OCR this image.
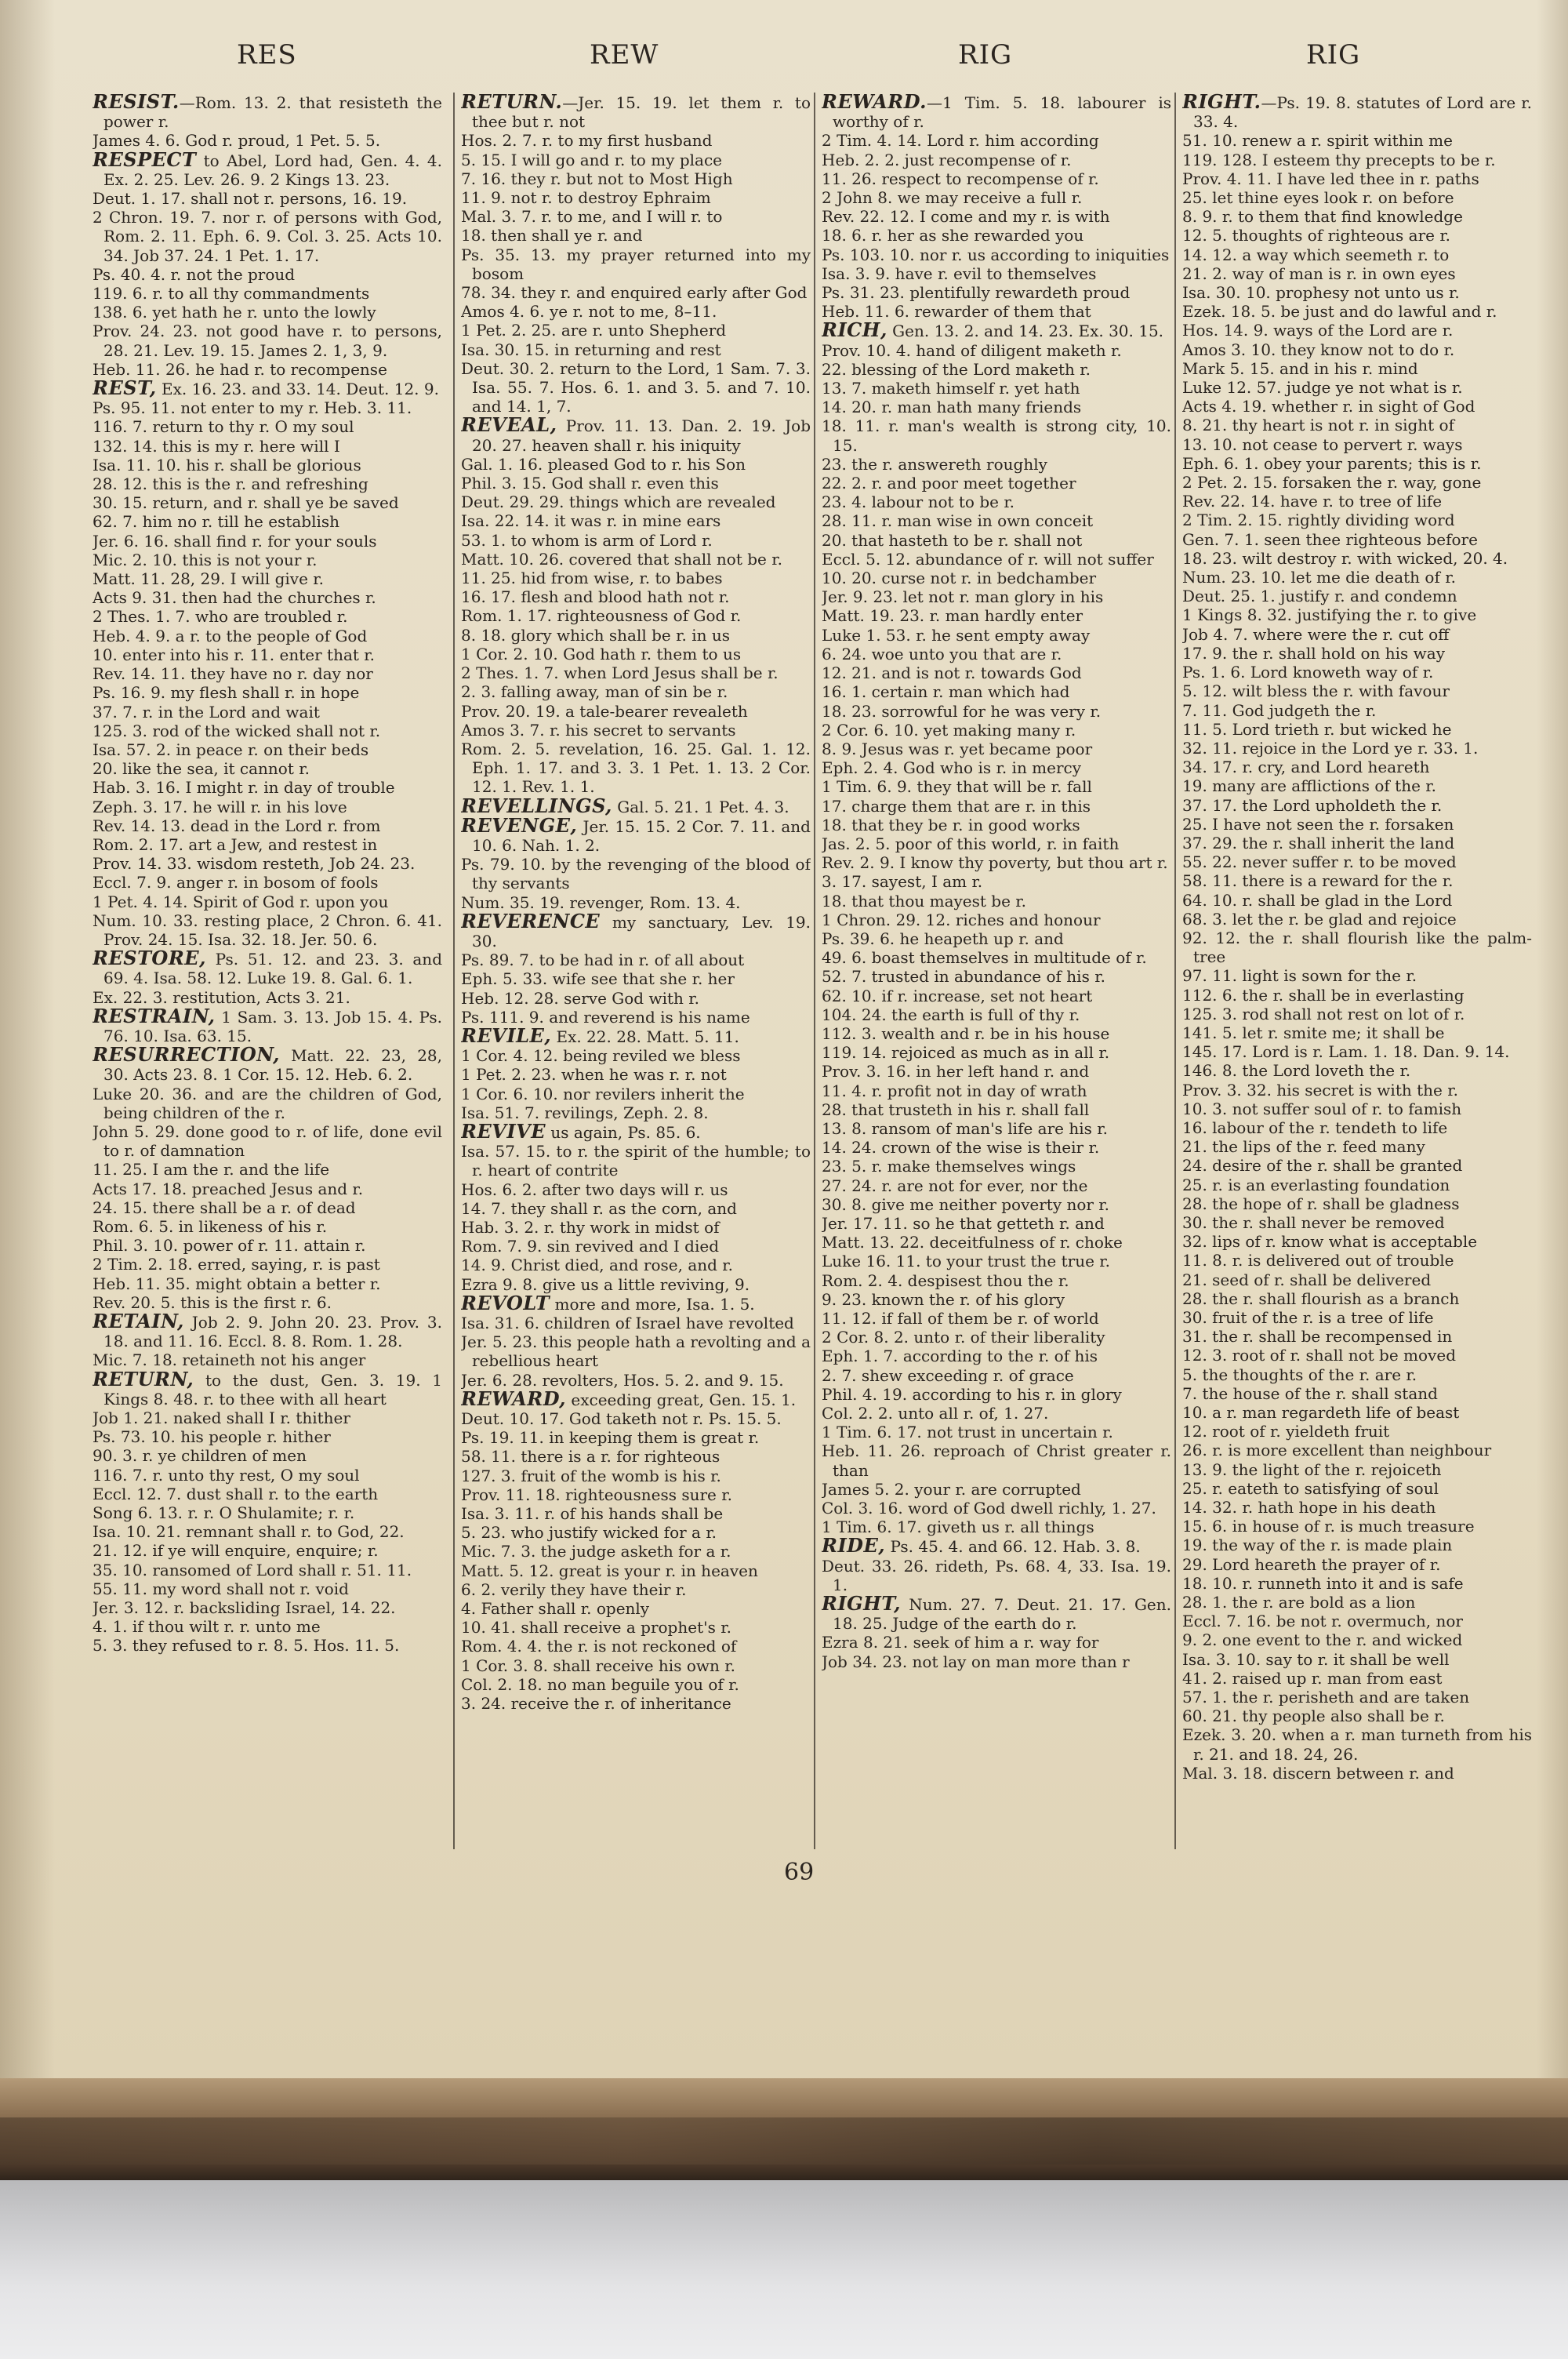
RES	REW	RIG	RIG

RESIST.—Rom. 13. 2. that resisteth the power r.

James 4. 6. God r. proud, 1 Pet. 5. 5.

RESPECT to Abel, Lord had, Gen. 4. 4. Ex. 2. 25. Lev. 26. 9. 2 Kings 13. 23.

Deut. 1. 17. shall not r. persons, 16. 19.

2 Chron. 19. 7. nor r. of persons with God, Rom. 2. 11. Eph. 6. 9. Col. 3. 25. Acts 10. 34. Job 37. 24. 1 Pet. 1. 17.

Ps. 40. 4. r. not the proud

119. 6. r. to all thy commandments

138. 6. yet hath he r. unto the lowly

Prov. 24. 23. not good have r. to persons, 28. 21. Lev. 19. 15. James 2. 1, 3, 9.

Heb. 11. 26. he had r. to recompense

REST, Ex. 16. 23. and 33. 14. Deut. 12. 9.

Ps. 95. 11. not enter to my r. Heb. 3. 11.

116. 7. return to thy r. O my soul

132. 14. this is my r. here will I

Isa. 11. 10. his r. shall be glorious

28. 12. this is the r. and refreshing

30. 15. return, and r. shall ye be saved

62. 7. him no r. till he establish

Jer. 6. 16. shall find r. for your souls

Mic. 2. 10. this is not your r.

Matt. 11. 28, 29. I will give r.

Acts 9. 31. then had the churches r.

2 Thes. 1. 7. who are troubled r.

Heb. 4. 9. a r. to the people of God

10. enter into his r. 11. enter that r.

Rev. 14. 11. they have no r. day nor

Ps. 16. 9. my flesh shall r. in hope

37. 7. r. in the Lord and wait

125. 3. rod of the wicked shall not r.

Isa. 57. 2. in peace r. on their beds

20. like the sea, it cannot r.

Hab. 3. 16. I might r. in day of trouble

Zeph. 3. 17. he will r. in his love

Rev. 14. 13. dead in the Lord r. from

Rom. 2. 17. art a Jew, and restest in

Prov. 14. 33. wisdom resteth, Job 24. 23.

Eccl. 7. 9. anger r. in bosom of fools

1 Pet. 4. 14. Spirit of God r. upon you

Num. 10. 33. resting place, 2 Chron. 6. 41. Prov. 24. 15. Isa. 32. 18. Jer. 50. 6.

RESTORE, Ps. 51. 12. and 23. 3. and 69. 4. Isa. 58. 12. Luke 19. 8. Gal. 6. 1.

Ex. 22. 3. restitution, Acts 3. 21.

RESTRAIN, 1 Sam. 3. 13. Job 15. 4. Ps. 76. 10. Isa. 63. 15.

RESURRECTION, Matt. 22. 23, 28, 30. Acts 23. 8. 1 Cor. 15. 12. Heb. 6. 2.

Luke 20. 36. and are the children of God, being children of the r.

John 5. 29. done good to r. of life, done evil to r. of damnation

11. 25. I am the r. and the life

Acts 17. 18. preached Jesus and r.

24. 15. there shall be a r. of dead

Rom. 6. 5. in likeness of his r.

Phil. 3. 10. power of r. 11. attain r.

2 Tim. 2. 18. erred, saying, r. is past

Heb. 11. 35. might obtain a better r.

Rev. 20. 5. this is the first r. 6.

RETAIN, Job 2. 9. John 20. 23. Prov. 3. 18. and 11. 16. Eccl. 8. 8. Rom. 1. 28.

Mic. 7. 18. retaineth not his anger

RETURN, to the dust, Gen. 3. 19. 1 Kings 8. 48. r. to thee with all heart

Job 1. 21. naked shall I r. thither

Ps. 73. 10. his people r. hither

90. 3. r. ye children of men

116. 7. r. unto thy rest, O my soul

Eccl. 12. 7. dust shall r. to the earth

Song 6. 13. r. r. O Shulamite; r. r.

Isa. 10. 21. remnant shall r. to God, 22.

21. 12. if ye will enquire, enquire; r.

35. 10. ransomed of Lord shall r. 51. 11.

55. 11. my word shall not r. void

Jer. 3. 12. r. backsliding Israel, 14. 22.

4. 1. if thou wilt r. r. unto me

5. 3. they refused to r. 8. 5. Hos. 11. 5.

RETURN.—Jer. 15. 19. let them r. to thee but r. not

Hos. 2. 7. r. to my first husband

5. 15. I will go and r. to my place

7. 16. they r. but not to Most High

11. 9. not r. to destroy Ephraim

Mal. 3. 7. r. to me, and I will r. to

18. then shall ye r. and

Ps. 35. 13. my prayer returned into my bosom

78. 34. they r. and enquired early after God

Amos 4. 6. ye r. not to me, 8–11.

1 Pet. 2. 25. are r. unto Shepherd

Isa. 30. 15. in returning and rest

Deut. 30. 2. return to the Lord, 1 Sam. 7. 3. Isa. 55. 7. Hos. 6. 1. and 3. 5. and 7. 10. and 14. 1, 7.

REVEAL, Prov. 11. 13. Dan. 2. 19. Job 20. 27. heaven shall r. his iniquity

Gal. 1. 16. pleased God to r. his Son

Phil. 3. 15. God shall r. even this

Deut. 29. 29. things which are revealed

Isa. 22. 14. it was r. in mine ears

53. 1. to whom is arm of Lord r.

Matt. 10. 26. covered that shall not be r.

11. 25. hid from wise, r. to babes

16. 17. flesh and blood hath not r.

Rom. 1. 17. righteousness of God r.

8. 18. glory which shall be r. in us

1 Cor. 2. 10. God hath r. them to us

2 Thes. 1. 7. when Lord Jesus shall be r.

2. 3. falling away, man of sin be r.

Prov. 20. 19. a tale-bearer revealeth

Amos 3. 7. r. his secret to servants

Rom. 2. 5. revelation, 16. 25. Gal. 1. 12. Eph. 1. 17. and 3. 3. 1 Pet. 1. 13. 2 Cor. 12. 1. Rev. 1. 1.

REVELLINGS, Gal. 5. 21. 1 Pet. 4. 3.

REVENGE, Jer. 15. 15. 2 Cor. 7. 11. and 10. 6. Nah. 1. 2.

Ps. 79. 10. by the revenging of the blood of thy servants

Num. 35. 19. revenger, Rom. 13. 4.

REVERENCE my sanctuary, Lev. 19. 30.

Ps. 89. 7. to be had in r. of all about

Eph. 5. 33. wife see that she r. her

Heb. 12. 28. serve God with r.

Ps. 111. 9. and reverend is his name

REVILE, Ex. 22. 28. Matt. 5. 11.

1 Cor. 4. 12. being reviled we bless

1 Pet. 2. 23. when he was r. r. not

1 Cor. 6. 10. nor revilers inherit the

Isa. 51. 7. revilings, Zeph. 2. 8.

REVIVE us again, Ps. 85. 6.

Isa. 57. 15. to r. the spirit of the humble; to r. heart of contrite

Hos. 6. 2. after two days will r. us

14. 7. they shall r. as the corn, and

Hab. 3. 2. r. thy work in midst of

Rom. 7. 9. sin revived and I died

14. 9. Christ died, and rose, and r.

Ezra 9. 8. give us a little reviving, 9.

REVOLT more and more, Isa. 1. 5.

Isa. 31. 6. children of Israel have revolted

Jer. 5. 23. this people hath a revolting and a rebellious heart

Jer. 6. 28. revolters, Hos. 5. 2. and 9. 15.

REWARD, exceeding great, Gen. 15. 1.

Deut. 10. 17. God taketh not r. Ps. 15. 5.

Ps. 19. 11. in keeping them is great r.

58. 11. there is a r. for righteous

127. 3. fruit of the womb is his r.

Prov. 11. 18. righteousness sure r.

Isa. 3. 11. r. of his hands shall be

5. 23. who justify wicked for a r.

Mic. 7. 3. the judge asketh for a r.

Matt. 5. 12. great is your r. in heaven

6. 2. verily they have their r.

4. Father shall r. openly

10. 41. shall receive a prophet's r.

Rom. 4. 4. the r. is not reckoned of

1 Cor. 3. 8. shall receive his own r.

Col. 2. 18. no man beguile you of r.

3. 24. receive the r. of inheritance

REWARD.—1 Tim. 5. 18. labourer is worthy of r.

2 Tim. 4. 14. Lord r. him according

Heb. 2. 2. just recompense of r.

11. 26. respect to recompense of r.

2 John 8. we may receive a full r.

Rev. 22. 12. I come and my r. is with

18. 6. r. her as she rewarded you

Ps. 103. 10. nor r. us according to iniquities

Isa. 3. 9. have r. evil to themselves

Ps. 31. 23. plentifully rewardeth proud

Heb. 11. 6. rewarder of them that

RICH, Gen. 13. 2. and 14. 23. Ex. 30. 15.

Prov. 10. 4. hand of diligent maketh r.

22. blessing of the Lord maketh r.

13. 7. maketh himself r. yet hath

14. 20. r. man hath many friends

18. 11. r. man's wealth is strong city, 10. 15.

23. the r. answereth roughly

22. 2. r. and poor meet together

23. 4. labour not to be r.

28. 11. r. man wise in own conceit

20. that hasteth to be r. shall not

Eccl. 5. 12. abundance of r. will not suffer

10. 20. curse not r. in bedchamber

Jer. 9. 23. let not r. man glory in his

Matt. 19. 23. r. man hardly enter

Luke 1. 53. r. he sent empty away

6. 24. woe unto you that are r.

12. 21. and is not r. towards God

16. 1. certain r. man which had

18. 23. sorrowful for he was very r.

2 Cor. 6. 10. yet making many r.

8. 9. Jesus was r. yet became poor

Eph. 2. 4. God who is r. in mercy

1 Tim. 6. 9. they that will be r. fall

17. charge them that are r. in this

18. that they be r. in good works

Jas. 2. 5. poor of this world, r. in faith

Rev. 2. 9. I know thy poverty, but thou art r.

3. 17. sayest, I am r.

18. that thou mayest be r.

1 Chron. 29. 12. riches and honour

Ps. 39. 6. he heapeth up r. and

49. 6. boast themselves in multitude of r.

52. 7. trusted in abundance of his r.

62. 10. if r. increase, set not heart

104. 24. the earth is full of thy r.

112. 3. wealth and r. be in his house

119. 14. rejoiced as much as in all r.

Prov. 3. 16. in her left hand r. and

11. 4. r. profit not in day of wrath

28. that trusteth in his r. shall fall

13. 8. ransom of man's life are his r.

14. 24. crown of the wise is their r.

23. 5. r. make themselves wings

27. 24. r. are not for ever, nor the

30. 8. give me neither poverty nor r.

Jer. 17. 11. so he that getteth r. and

Matt. 13. 22. deceitfulness of r. choke

Luke 16. 11. to your trust the true r.

Rom. 2. 4. despisest thou the r.

9. 23. known the r. of his glory

11. 12. if fall of them be r. of world

2 Cor. 8. 2. unto r. of their liberality

Eph. 1. 7. according to the r. of his

2. 7. shew exceeding r. of grace

Phil. 4. 19. according to his r. in glory

Col. 2. 2. unto all r. of, 1. 27.

1 Tim. 6. 17. not trust in uncertain r.

Heb. 11. 26. reproach of Christ greater r. than

James 5. 2. your r. are corrupted

Col. 3. 16. word of God dwell richly, 1. 27.

1 Tim. 6. 17. giveth us r. all things

RIDE, Ps. 45. 4. and 66. 12. Hab. 3. 8.

Deut. 33. 26. rideth, Ps. 68. 4, 33. Isa. 19. 1.

RIGHT, Num. 27. 7. Deut. 21. 17. Gen. 18. 25. Judge of the earth do r.

Ezra 8. 21. seek of him a r. way for

Job 34. 23. not lay on man more than r

RIGHT.—Ps. 19. 8. statutes of Lord are r. 33. 4.

51. 10. renew a r. spirit within me

119. 128. I esteem thy precepts to be r.

Prov. 4. 11. I have led thee in r. paths

25. let thine eyes look r. on before

8. 9. r. to them that find knowledge

12. 5. thoughts of righteous are r.

14. 12. a way which seemeth r. to

21. 2. way of man is r. in own eyes

Isa. 30. 10. prophesy not unto us r.

Ezek. 18. 5. be just and do lawful and r.

Hos. 14. 9. ways of the Lord are r.

Amos 3. 10. they know not to do r.

Mark 5. 15. and in his r. mind

Luke 12. 57. judge ye not what is r.

Acts 4. 19. whether r. in sight of God

8. 21. thy heart is not r. in sight of

13. 10. not cease to pervert r. ways

Eph. 6. 1. obey your parents; this is r.

2 Pet. 2. 15. forsaken the r. way, gone

Rev. 22. 14. have r. to tree of life

2 Tim. 2. 15. rightly dividing word

Gen. 7. 1. seen thee righteous before

18. 23. wilt destroy r. with wicked, 20. 4.

Num. 23. 10. let me die death of r.

Deut. 25. 1. justify r. and condemn

1 Kings 8. 32. justifying the r. to give

Job 4. 7. where were the r. cut off

17. 9. the r. shall hold on his way

Ps. 1. 6. Lord knoweth way of r.

5. 12. wilt bless the r. with favour

7. 11. God judgeth the r.

11. 5. Lord trieth r. but wicked he

32. 11. rejoice in the Lord ye r. 33. 1.

34. 17. r. cry, and Lord heareth

19. many are afflictions of the r.

37. 17. the Lord upholdeth the r.

25. I have not seen the r. forsaken

37. 29. the r. shall inherit the land

55. 22. never suffer r. to be moved

58. 11. there is a reward for the r.

64. 10. r. shall be glad in the Lord

68. 3. let the r. be glad and rejoice

92. 12. the r. shall flourish like the palm-tree

97. 11. light is sown for the r.

112. 6. the r. shall be in everlasting

125. 3. rod shall not rest on lot of r.

141. 5. let r. smite me; it shall be

145. 17. Lord is r. Lam. 1. 18. Dan. 9. 14.

146. 8. the Lord loveth the r.

Prov. 3. 32. his secret is with the r.

10. 3. not suffer soul of r. to famish

16. labour of the r. tendeth to life

21. the lips of the r. feed many

24. desire of the r. shall be granted

25. r. is an everlasting foundation

28. the hope of r. shall be gladness

30. the r. shall never be removed

32. lips of r. know what is acceptable

11. 8. r. is delivered out of trouble

21. seed of r. shall be delivered

28. the r. shall flourish as a branch

30. fruit of the r. is a tree of life

31. the r. shall be recompensed in

12. 3. root of r. shall not be moved

5. the thoughts of the r. are r.

7. the house of the r. shall stand

10. a r. man regardeth life of beast

12. root of r. yieldeth fruit

26. r. is more excellent than neighbour

13. 9. the light of the r. rejoiceth

25. r. eateth to satisfying of soul

14. 32. r. hath hope in his death

15. 6. in house of r. is much treasure

19. the way of the r. is made plain

29. Lord heareth the prayer of r.

18. 10. r. runneth into it and is safe

28. 1. the r. are bold as a lion

Eccl. 7. 16. be not r. overmuch, nor

9. 2. one event to the r. and wicked

Isa. 3. 10. say to r. it shall be well

41. 2. raised up r. man from east

57. 1. the r. perisheth and are taken

60. 21. thy people also shall be r.

Ezek. 3. 20. when a r. man turneth from his r. 21. and 18. 24, 26.

Mal. 3. 18. discern between r. and

69
